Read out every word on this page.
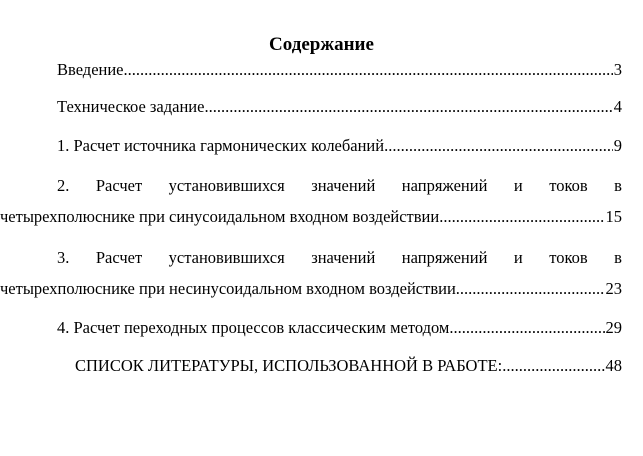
Содержание
Введение .....	3
Техническое задание .....	4
1. Расчет источника гармонических колебаний .....	9
2. Расчет установившихся значений напряжений и токов в
четырехполюснике при синусоидальном входном воздействии .....	15
3. Расчет установившихся значений напряжений и токов в
четырехполюснике при несинусоидальном входном воздействии .....	23
4. Расчет переходных процессов классическим методом .....	29
СПИСОК ЛИТЕРАТУРЫ, ИСПОЛЬЗОВАННОЙ В РАБОТЕ: .....	48
